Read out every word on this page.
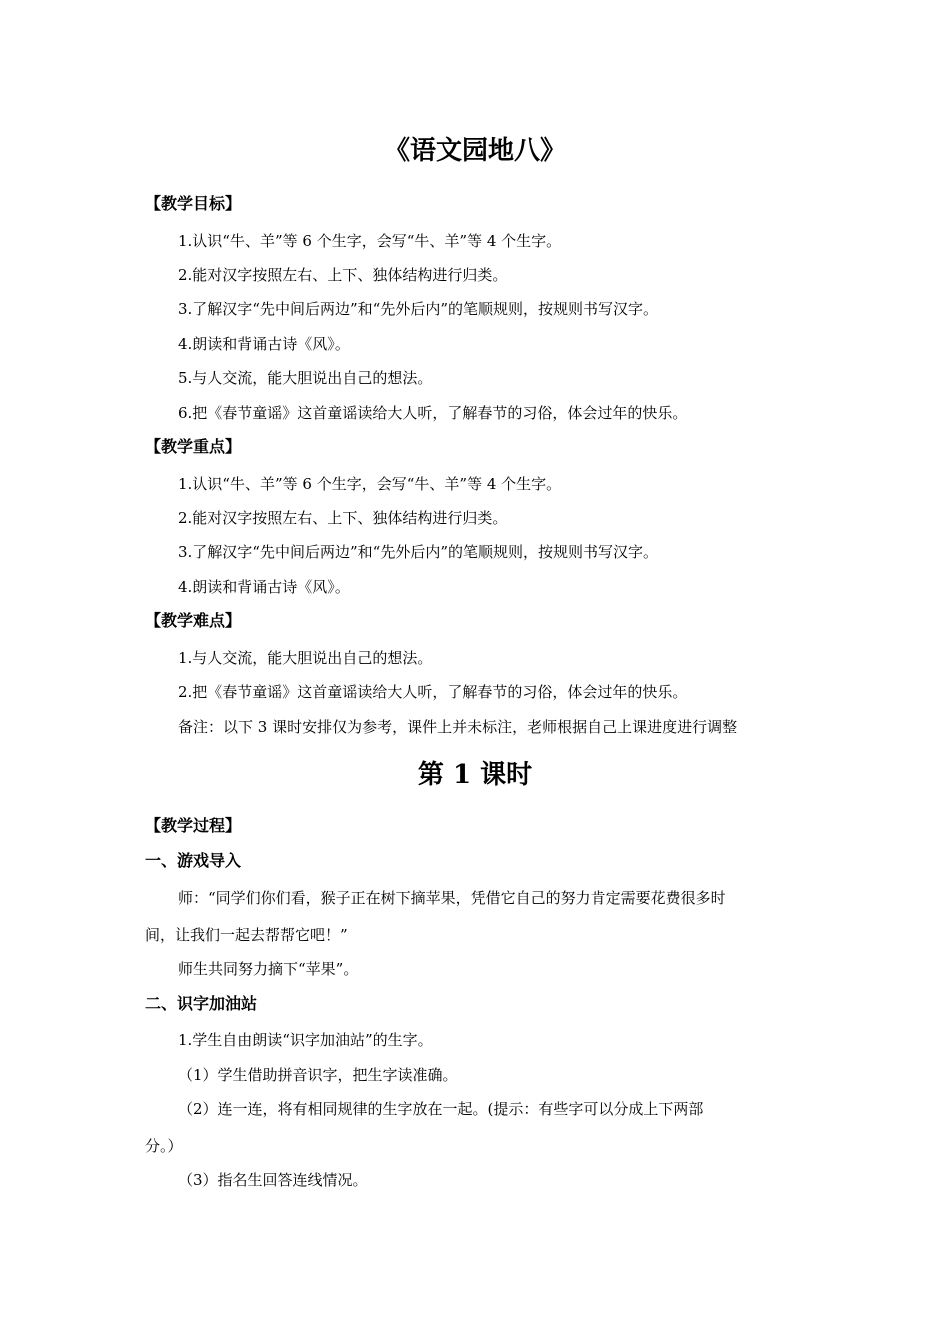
《语文园地八》
【教学目标】
1.认识“牛、羊”等 6 个生字，会写“牛、羊”等 4 个生字。
2.能对汉字按照左右、上下、独体结构进行归类。
3.了解汉字“先中间后两边”和“先外后内”的笔顺规则，按规则书写汉字。
4.朗读和背诵古诗《风》。
5.与人交流，能大胆说出自己的想法。
6.把《春节童谣》这首童谣读给大人听，了解春节的习俗，体会过年的快乐。
【教学重点】
1.认识“牛、羊”等 6 个生字，会写“牛、羊”等 4 个生字。
2.能对汉字按照左右、上下、独体结构进行归类。
3.了解汉字“先中间后两边”和“先外后内”的笔顺规则，按规则书写汉字。
4.朗读和背诵古诗《风》。
【教学难点】
1.与人交流，能大胆说出自己的想法。
2.把《春节童谣》这首童谣读给大人听，了解春节的习俗，体会过年的快乐。
备注：以下 3 课时安排仅为参考，课件上并未标注，老师根据自己上课进度进行调整
第 1 课时
【教学过程】
一、游戏导入
师：“同学们你们看，猴子正在树下摘苹果，凭借它自己的努力肯定需要花费很多时
间，让我们一起去帮帮它吧！”
师生共同努力摘下“苹果”。
二、识字加油站
1.学生自由朗读“识字加油站”的生字。
（1）学生借助拼音识字，把生字读准确。
（2）连一连，将有相同规律的生字放在一起。(提示：有些字可以分成上下两部
分。）
（3）指名生回答连线情况。
